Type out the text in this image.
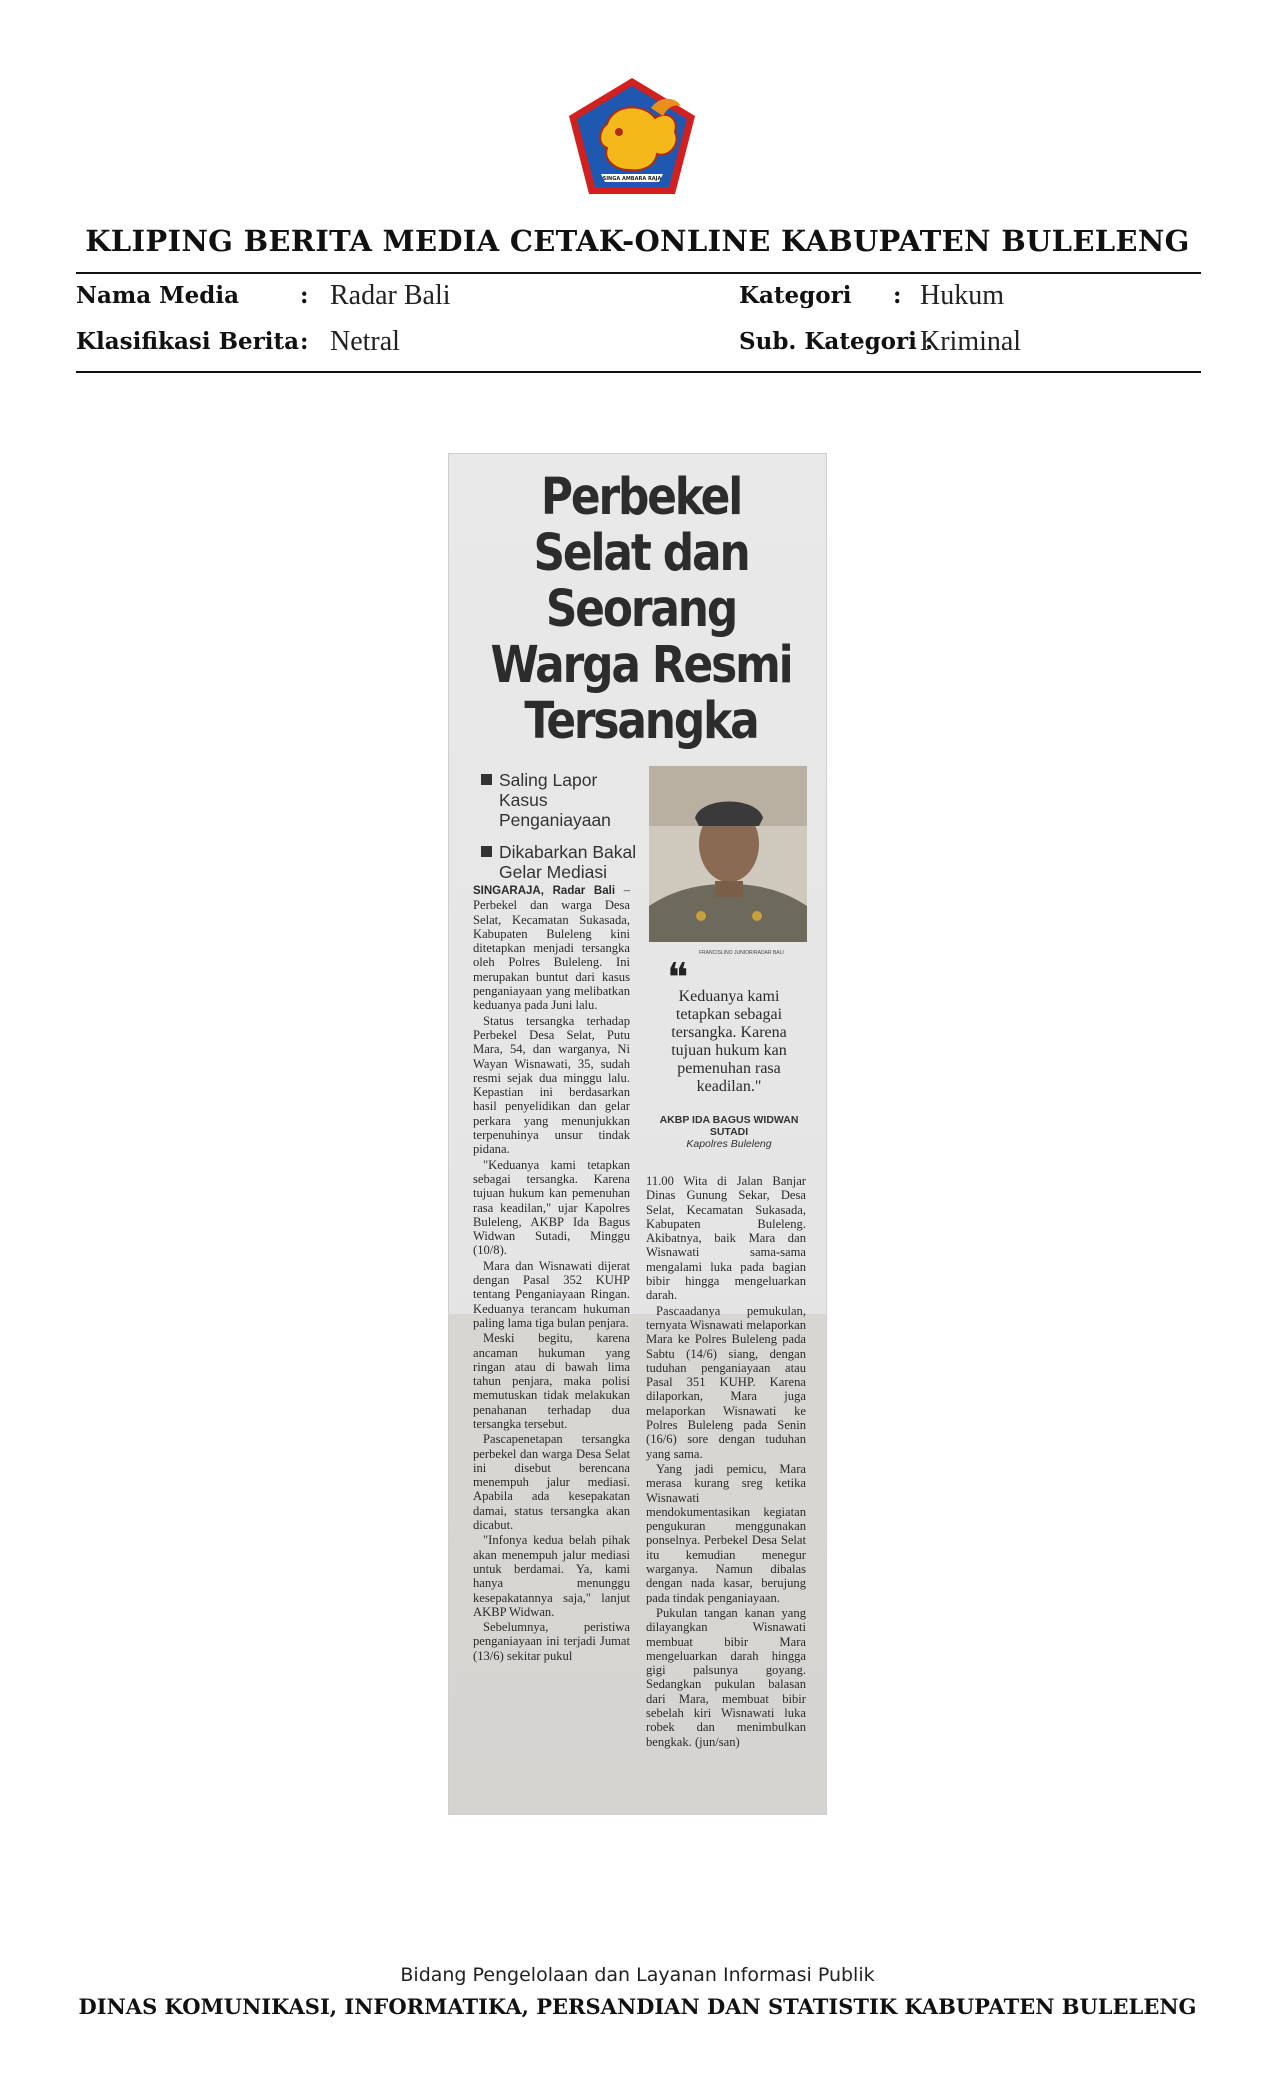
SINGA AMBARA RAJA
KLIPING BERITA MEDIA CETAK-ONLINE KABUPATEN BULELENG
Nama Media	: Radar Bali
Klasifikasi Berita : Netral
Kategori : Hukum
Sub. Kategori :
Kriminal
Perbekel Selat dan Seorang Warga Resmi Tersangka
Saling Lapor Kasus Penganiayaan
Dikabarkan Bakal Gelar Mediasi
FRANCISLINO JUNIOR/RADAR BALI
❝
Keduanya kami tetapkan sebagai tersangka. Karena tujuan hukum kan pemenuhan rasa keadilan."
AKBP IDA BAGUS WIDWAN SUTADI
Kapolres Buleleng

SINGARAJA, Radar Bali – Perbekel dan warga Desa Selat, Kecamatan Sukasada, Kabupaten Buleleng kini ditetapkan menjadi tersangka oleh Polres Buleleng. Ini merupakan buntut dari kasus penganiayaan yang melibatkan keduanya pada Juni lalu.

Status tersangka terhadap Perbekel Desa Selat, Putu Mara, 54, dan warganya, Ni Wayan Wisnawati, 35, sudah resmi sejak dua minggu lalu. Kepastian ini berdasarkan hasil penyelidikan dan gelar perkara yang menunjukkan terpenuhinya unsur tindak pidana.

"Keduanya kami tetapkan sebagai tersangka. Karena tujuan hukum kan pemenuhan rasa keadilan," ujar Kapolres Buleleng, AKBP Ida Bagus Widwan Sutadi, Minggu (10/8).

Mara dan Wisnawati dijerat dengan Pasal 352 KUHP tentang Penganiayaan Ringan. Keduanya terancam hukuman paling lama tiga bulan penjara.

Meski begitu, karena ancaman hukuman yang ringan atau di bawah lima tahun penjara, maka polisi memutuskan tidak melakukan penahanan terhadap dua tersangka tersebut.

Pascapenetapan tersangka perbekel dan warga Desa Selat ini disebut berencana menempuh jalur mediasi. Apabila ada kesepakatan damai, status tersangka akan dicabut.

"Infonya kedua belah pihak akan menempuh jalur mediasi untuk berdamai. Ya, kami hanya menunggu kesepakatannya saja," lanjut AKBP Widwan.

Sebelumnya, peristiwa penganiayaan ini terjadi Jumat (13/6) sekitar pukul

11.00 Wita di Jalan Banjar Dinas Gunung Sekar, Desa Selat, Kecamatan Sukasada, Kabupaten Buleleng. Akibatnya, baik Mara dan Wisnawati sama-sama mengalami luka pada bagian bibir hingga mengeluarkan darah.

Pascaadanya pemukulan, ternyata Wisnawati melaporkan Mara ke Polres Buleleng pada Sabtu (14/6) siang, dengan tuduhan penganiayaan atau Pasal 351 KUHP. Karena dilaporkan, Mara juga melaporkan Wisnawati ke Polres Buleleng pada Senin (16/6) sore dengan tuduhan yang sama.

Yang jadi pemicu, Mara merasa kurang sreg ketika Wisnawati mendokumentasikan kegiatan pengukuran menggunakan ponselnya. Perbekel Desa Selat itu kemudian menegur warganya. Namun dibalas dengan nada kasar, berujung pada tindak penganiayaan.

Pukulan tangan kanan yang dilayangkan Wisnawati membuat bibir Mara mengeluarkan darah hingga gigi palsunya goyang. Sedangkan pukulan balasan dari Mara, membuat bibir sebelah kiri Wisnawati luka robek dan menimbulkan bengkak. (jun/san)

Bidang Pengelolaan dan Layanan Informasi Publik
DINAS KOMUNIKASI, INFORMATIKA, PERSANDIAN DAN STATISTIK KABUPATEN BULELENG
